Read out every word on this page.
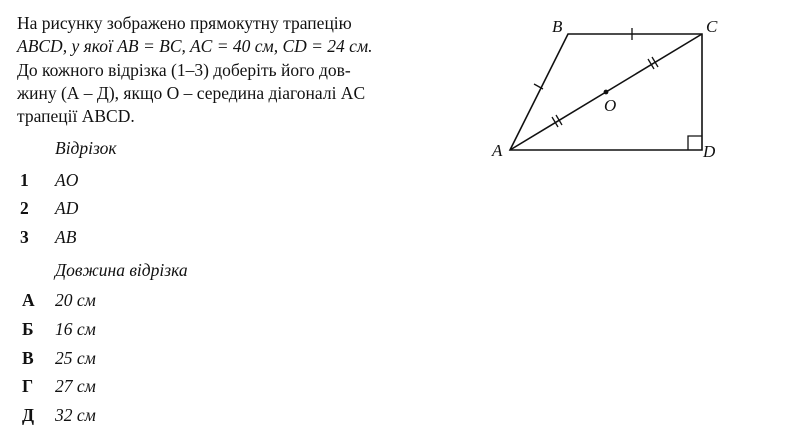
На рисунку зображено прямокутну трапецію
ABCD, у якої AB = BC, AC = 40 см, CD = 24 см.
До кожного відрізка (1–3) доберіть його дов-
жину (А – Д), якщо O – середина діагоналі AC
трапеції ABCD.
Відрізок
1 AO
2 AD
3 AB
Довжина відрізка
А 20 см
Б 16 см
В 25 см
Г 27 см
Д 32 см
A
B	C
D
O
